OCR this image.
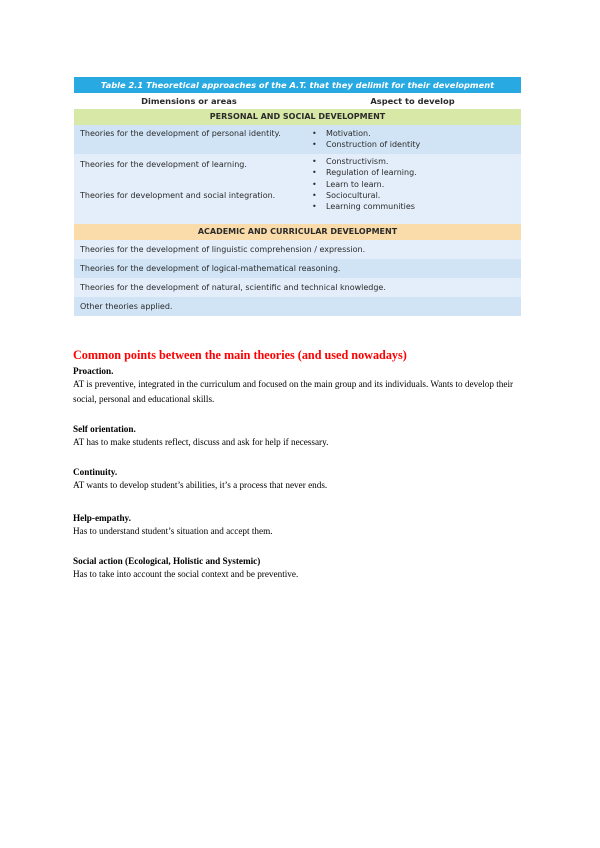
Table 2.1 Theoretical approaches of the A.T. that they delimit for their development
Dimensions or areas	Aspect to develop
PERSONAL AND SOCIAL DEVELOPMENT
Theories for the development of personal identity.
•	Motivation.
• Construction of identity
Theories for the development of learning.
Theories for development and social integration.
• Constructivism.
• Regulation of learning.
• Learn to learn.
• Sociocultural.
• Learning communities
ACADEMIC AND CURRICULAR DEVELOPMENT
Theories for the development of linguistic comprehension / expression.
Theories for the development of logical-mathematical reasoning.
Theories for the development of natural, scientific and technical knowledge.
Other theories applied.
Common points between the main theories (and used nowadays)
Proaction.
AT is preventive, integrated in the curriculum and focused on the main group and its individuals. Wants to develop their social, personal and educational skills.
Self orientation.
AT has to make students reflect, discuss and ask for help if necessary.
Continuity.
AT wants to develop student’s abilities, it’s a process that never ends.
Help-empathy.
Has to understand student’s situation and accept them.
Social action (Ecological, Holistic and Systemic)
Has to take into account the social context and be preventive.
